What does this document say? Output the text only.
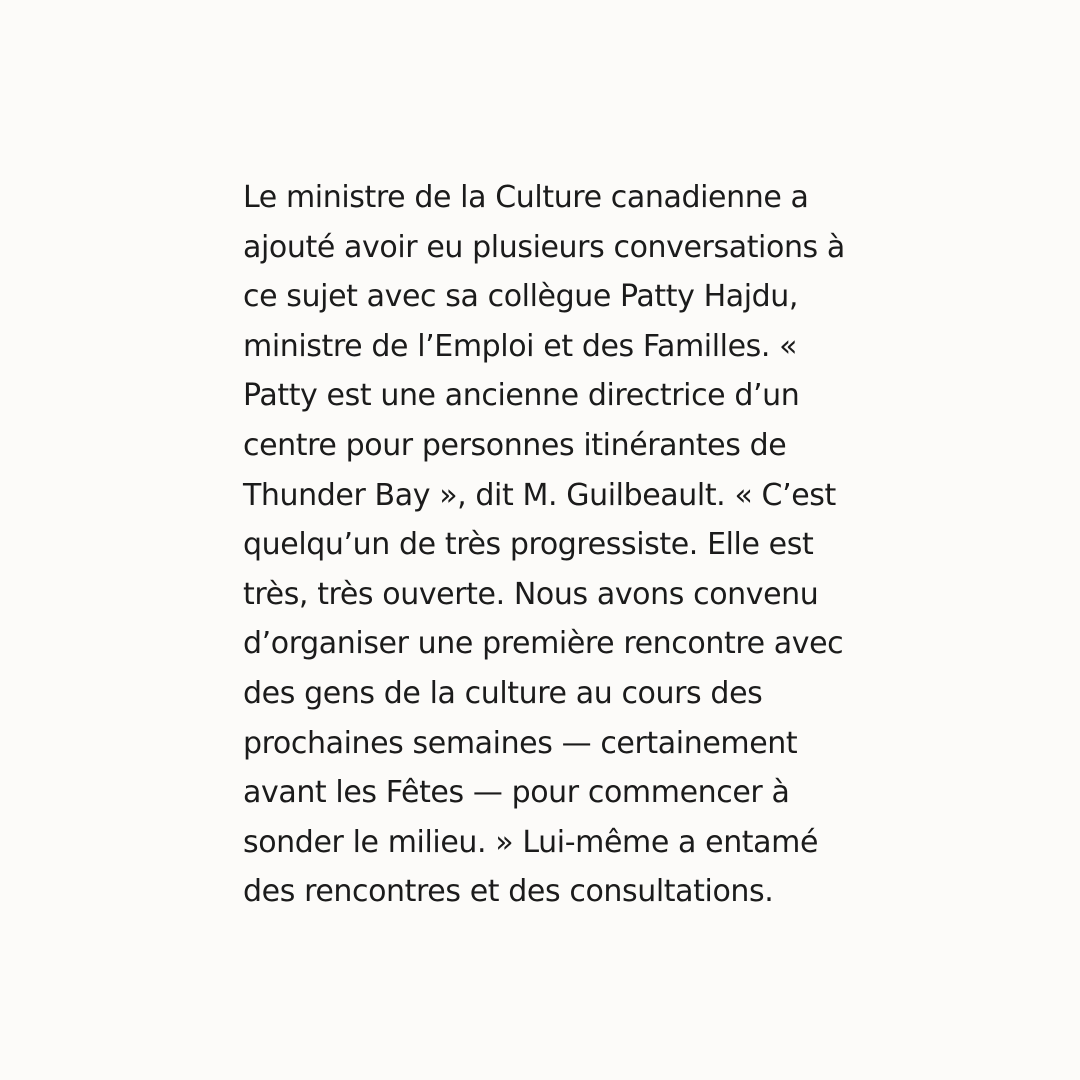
Le ministre de la Culture canadienne a
ajouté avoir eu plusieurs conversations à
ce sujet avec sa collègue Patty Hajdu,
ministre de l’Emploi et des Familles. «
Patty est une ancienne directrice d’un
centre pour personnes itinérantes de
Thunder Bay », dit M. Guilbeault. « C’est
quelqu’un de très progressiste. Elle est
très, très ouverte. Nous avons convenu
d’organiser une première rencontre avec
des gens de la culture au cours des
prochaines semaines — certainement
avant les Fêtes — pour commencer à
sonder le milieu. » Lui-même a entamé
des rencontres et des consultations.
